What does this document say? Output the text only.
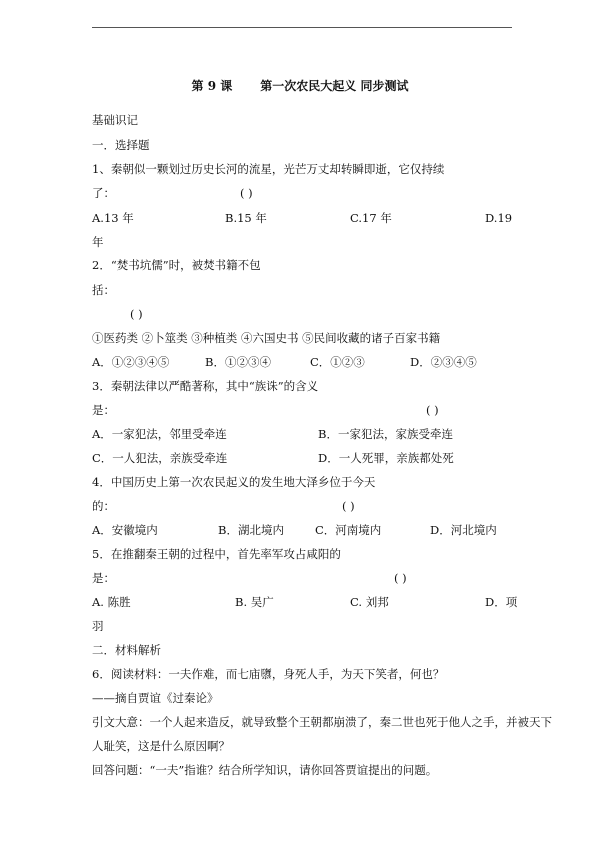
第 9 课 第一次农民大起义 同步测试
基础识记
一．选择题
1、秦朝似一颗划过历史长河的流星，光芒万丈却转瞬即逝，它仅持续
了：	( )
A.13 年	B.15 年	C.17 年	D.19
年
2．“焚书坑儒”时，被焚书籍不包
括：
( )
①医药类 ②卜筮类 ③种植类 ④六国史书 ⑤民间收藏的诸子百家书籍
A．①②③④⑤	B．①②③④	C．①②③	D．②③④⑤
3．秦朝法律以严酷著称，其中“族诛”的含义
是：	( )
A．一家犯法，邻里受牵连	B．一家犯法，家族受牵连
C．一人犯法，亲族受牵连	D．一人死罪，亲族都处死
4．中国历史上第一次农民起义的发生地大泽乡位于今天
的：	( )
A．安徽境内	B．湖北境内	C．河南境内	D．河北境内
5．在推翻秦王朝的过程中，首先率军攻占咸阳的
是：	( )
A. 陈胜	B. 吴广	C. 刘邦	D．项
羽
二．材料解析
6．阅读材料：一夫作难，而七庙隳，身死人手，为天下笑者，何也？
——摘自贾谊《过秦论》
引文大意：一个人起来造反，就导致整个王朝都崩溃了，秦二世也死于他人之手，并被天下
人耻笑，这是什么原因啊？
回答问题：“一夫”指谁？结合所学知识，请你回答贾谊提出的问题。
